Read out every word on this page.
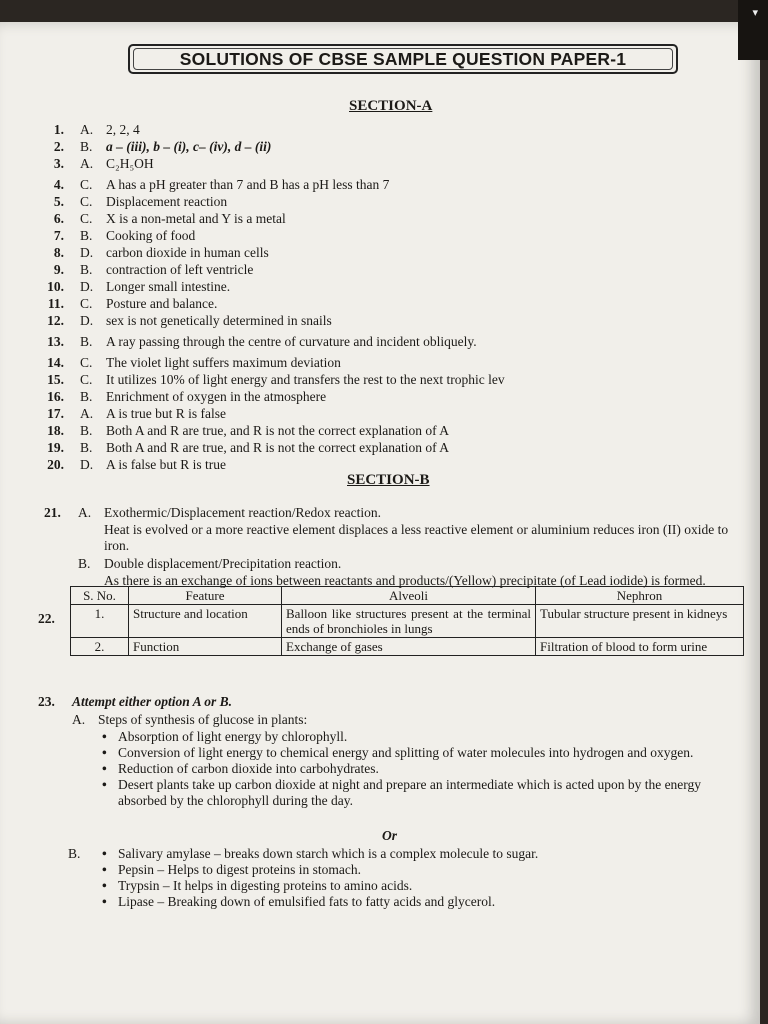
▾
SOLUTIONS OF CBSE SAMPLE QUESTION PAPER-1
SECTION-A
1. A. 2, 2, 4
2. B. a – (iii), b – (i), c– (iv), d – (ii)
3. A. C₂H₅OH
4. C. A has a pH greater than 7 and B has a pH less than 7
5. C. Displacement reaction
6. C. X is a non-metal and Y is a metal
7. B. Cooking of food
8. D. carbon dioxide in human cells
9. B. contraction of left ventricle
10. D. Longer small intestine.
11. C. Posture and balance.
12. D. sex is not genetically determined in snails
13. B. A ray passing through the centre of curvature and incident obliquely.
14. C. The violet light suffers maximum deviation
15. C. It utilizes 10% of light energy and transfers the rest to the next trophic lev
16. B. Enrichment of oxygen in the atmosphere
17. A. A is true but R is false
18. B. Both A and R are true, and R is not the correct explanation of A
19. B. Both A and R are true, and R is not the correct explanation of A
20. D. A is false but R is true
SECTION-B
21. A. Exothermic/Displacement reaction/Redox reaction.
Heat is evolved or a more reactive element displaces a less reactive element or aluminium reduces iron (II) oxide to iron.
B. Double displacement/Precipitation reaction.
As there is an exchange of ions between reactants and products/(Yellow) precipitate (of Lead iodide) is formed.
22.
S. No.	Feature	Alveoli	Nephron
1.	Structure and location	Balloon like structures present at the terminal ends of bronchioles in lungs	Tubular structure present in kidneys
2.	Function	Exchange of gases	Filtration of blood to form urine
23. Attempt either option A or B.
A. Steps of synthesis of glucose in plants:
• Absorption of light energy by chlorophyll.
• Conversion of light energy to chemical energy and splitting of water molecules into hydrogen and oxygen.
• Reduction of carbon dioxide into carbohydrates.
• Desert plants take up carbon dioxide at night and prepare an intermediate which is acted upon by the energy absorbed by the chlorophyll during the day.
Or
B.	• Salivary amylase – breaks down starch which is a complex molecule to sugar.
• Pepsin – Helps to digest proteins in stomach.
• Trypsin – It helps in digesting proteins to amino acids.
• Lipase – Breaking down of emulsified fats to fatty acids and glycerol.
